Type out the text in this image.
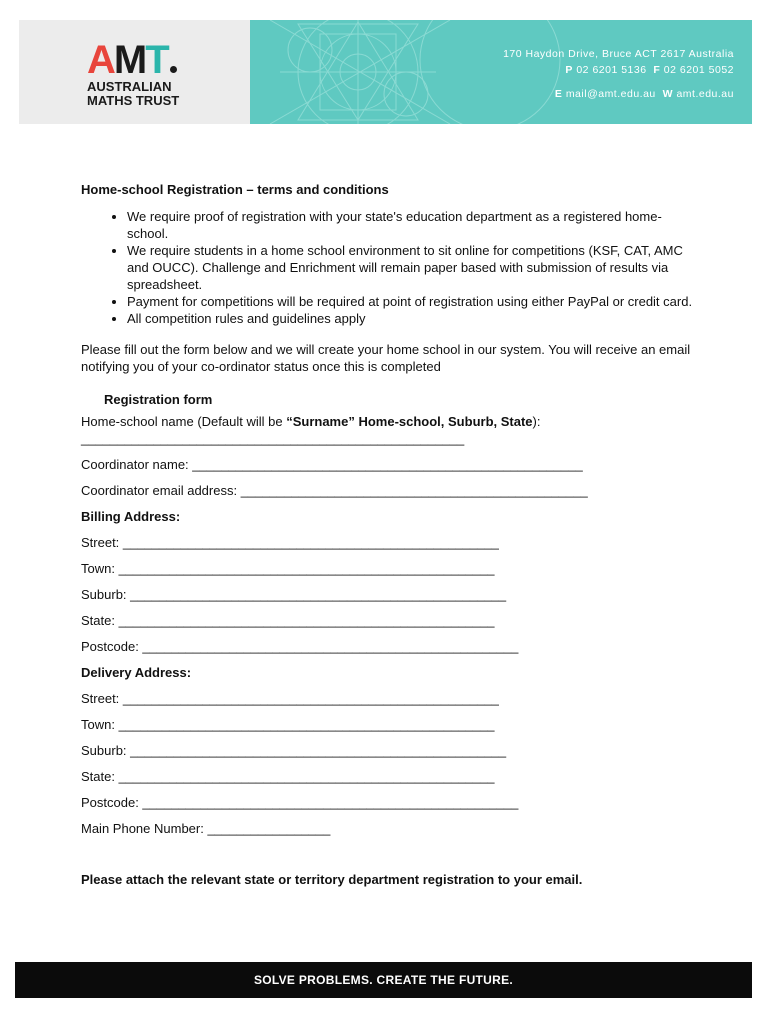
AMT
AUSTRALIAN
MATHS TRUST
170 Haydon Drive, Bruce ACT 2617 Australia
P 02 6201 5136 F 02 6201 5052
E mail@amt.edu.au W amt.edu.au

Home-school Registration – terms and conditions

• We require proof of registration with your state's education department as a registered home-school.
• We require students in a home school environment to sit online for competitions (KSF, CAT, AMC and OUCC). Challenge and Enrichment will remain paper based with submission of results via spreadsheet.
• Payment for competitions will be required at point of registration using either PayPal or credit card.
• All competition rules and guidelines apply

Please fill out the form below and we will create your home school in our system. You will receive an email notifying you of your co-ordinator status once this is completed

Registration form

Home-school name (Default will be “Surname” Home-school, Suburb, State):

_____________________________________________________

Coordinator name: ______________________________________________________

Coordinator email address: ________________________________________________

Billing Address:

Street: ____________________________________________________

Town: ____________________________________________________

Suburb: ____________________________________________________

State: ____________________________________________________

Postcode: ____________________________________________________

Delivery Address:

Street: ____________________________________________________

Town: ____________________________________________________

Suburb: ____________________________________________________

State: ____________________________________________________

Postcode: ____________________________________________________

Main Phone Number: _________________

Please attach the relevant state or territory department registration to your email.

SOLVE PROBLEMS. CREATE THE FUTURE.
